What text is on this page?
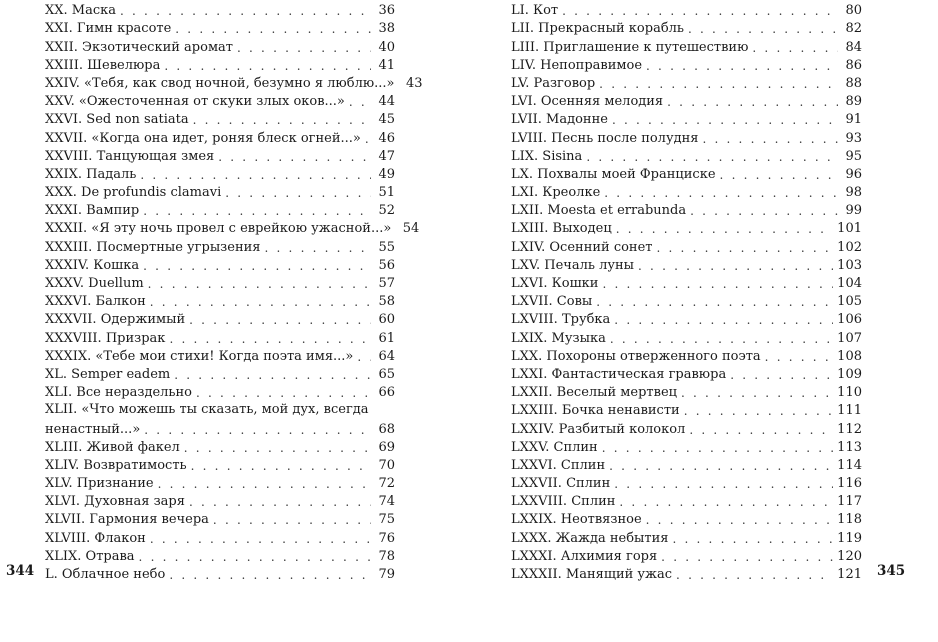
XX. Маска . . .	36
XXI. Гимн красоте . . .	38
XXII. Экзотический аромат . . .	40
XXIII. Шевелюра . . .	41
XXIV. «Тебя, как свод ночной, безумно я люблю...» 43
XXV. «Ожесточенная от скуки злых оков...» . . .	44
XXVI. Sed non satiata . . .	45
XXVII. «Когда она идет, роняя блеск огней...» . . . 46
XXVIII. Танцующая змея . . .	47
XXIX. Падаль . . .	49
XXX. De profundis clamavi . . .	51
XXXI. Вампир . . .	52
XXXII. «Я эту ночь провел с еврейкою ужасной...» 54
XXXIII. Посмертные угрызения . . .	55
XXXIV. Кошка . . .	56
XXXV. Duellum . . .	57
XXXVI. Балкон . . .	58
XXXVII. Одержимый . . .	60
XXXVIII. Призрак . . .	61
XXXIX. «Тебе мои стихи! Когда поэта имя...» . . . 64
XL. Semper eadem . . .	65
XLI. Все нераздельно . . .	66
XLII. «Что можешь ты сказать, мой дух, всегда
ненастный...» . . .	68
XLIII. Живой факел . . .	69
XLIV. Возвратимость . . .	70
XLV. Признание . . .	72
XLVI. Духовная заря . . .	74
XLVII. Гармония вечера . . .	75
XLVIII. Флакон . . .	76
XLIX. Отрава . . .	78
L. Облачное небо . . .	79
LI. Кот . . .	80
LII. Прекрасный корабль . . .	82
LIII. Приглашение к путешествию . . .	84
LIV. Непоправимое . . .	86
LV. Разговор . . .	88
LVI. Осенняя мелодия . . .	89
LVII. Мадонне . . .	91
LVIII. Песнь после полудня . . .	93
LIX. Sisina . . .	95
LX. Похвалы моей Франциске . . .	96
LXI. Креолке . . .	98
LXII. Moesta et errabunda . . .	99
LXIII. Выходец . . .	101
LXIV. Осенний сонет . . .	102
LXV. Печаль луны . . .	103
LXVI. Кошки . . .	104
LXVII. Совы . . .	105
LXVIII. Трубка . . .	106
LXIX. Музыка . . .	107
LXX. Похороны отверженного поэта . . .	108
LXXI. Фантастическая гравюра . . .	109
LXXII. Веселый мертвец . . .	110
LXXIII. Бочка ненависти . . .	111
LXXIV. Разбитый колокол . . .	112
LXXV. Сплин . . .	113
LXXVI. Сплин . . .	114
LXXVII. Сплин . . .	116
LXXVIII. Сплин . . .	117
LXXIX. Неотвязное . . .	118
LXXX. Жажда небытия . . .	119
LXXXI. Алхимия горя . . .	120
LXXXII. Манящий ужас . . .	121
344	345
